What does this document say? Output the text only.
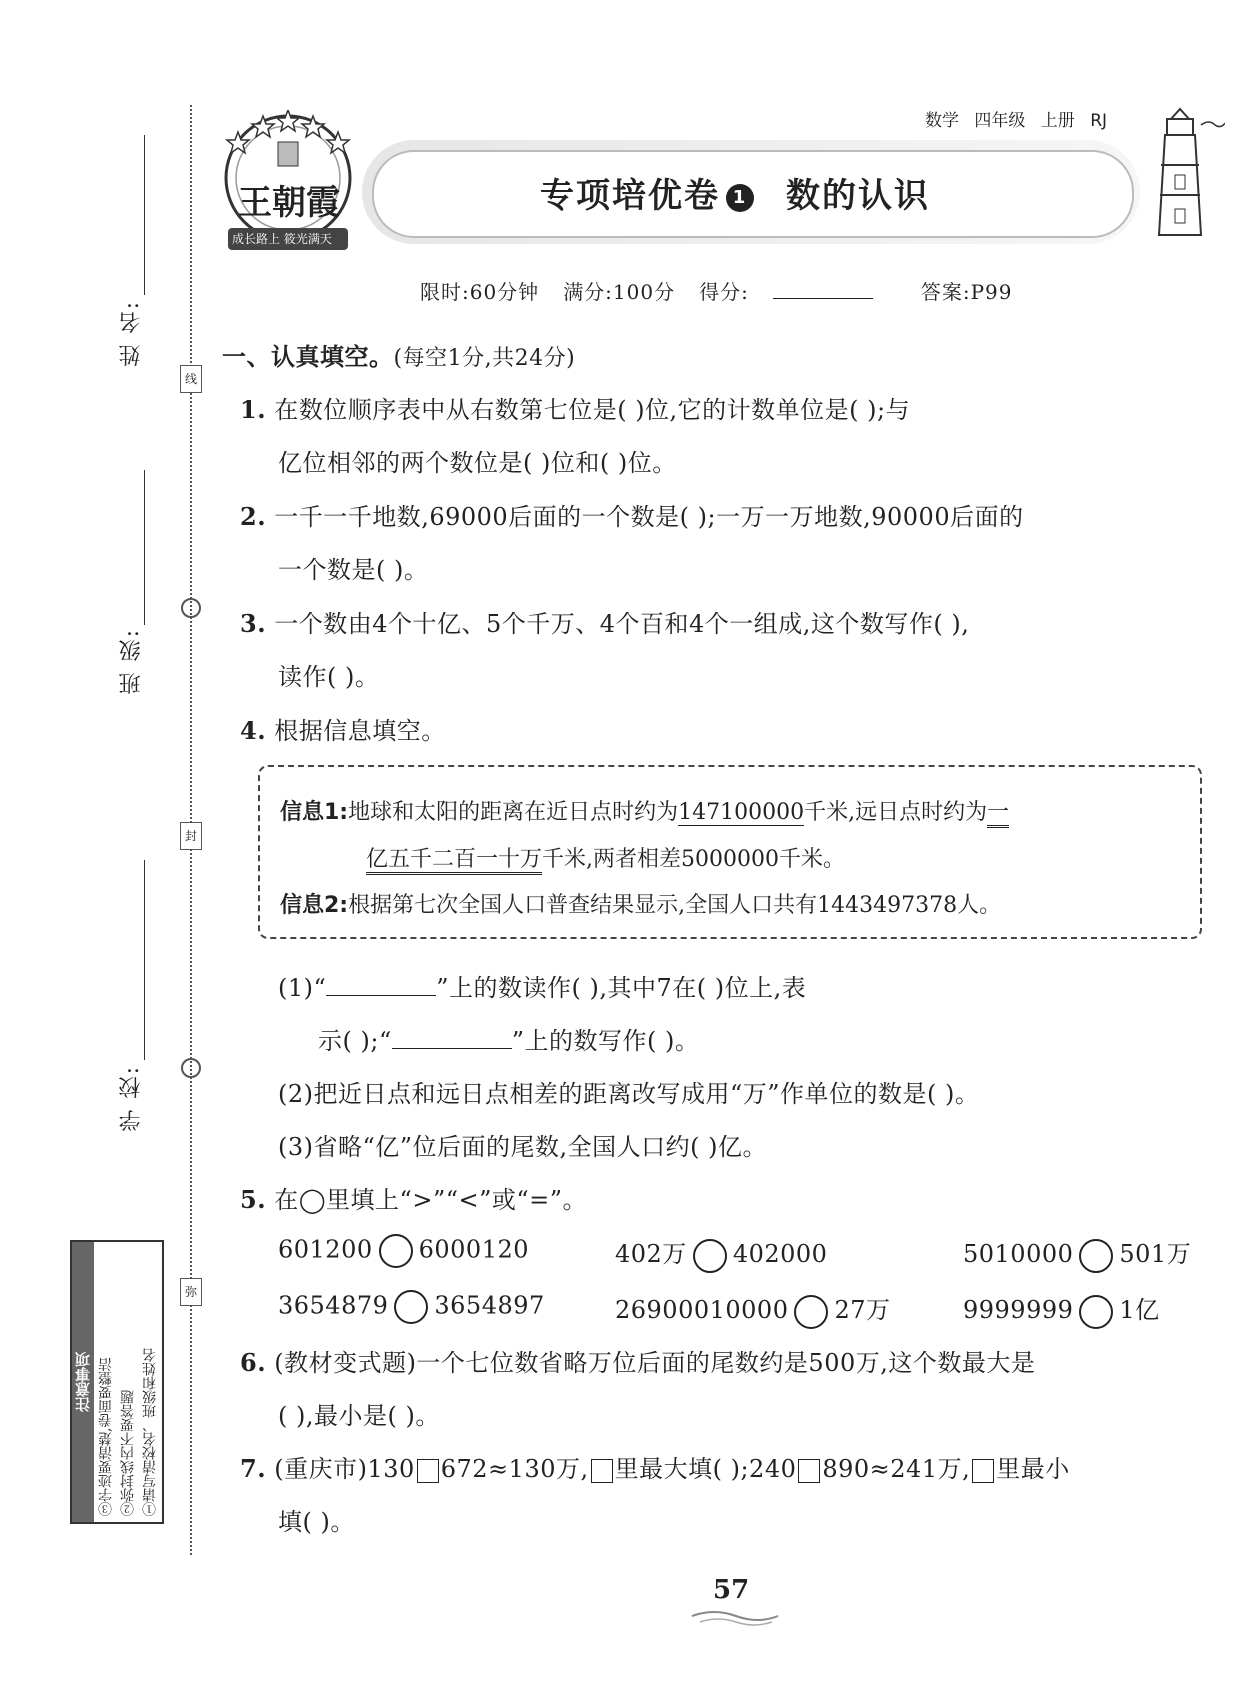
姓 名:
班 级:
学 校:
线
封
弥
注意事项	①请写清校名、班级和姓名
②弥封线内不要答题
③字迹要清楚,卷面要整洁
王朝霞
成长路上 筱光满天
专项培优卷 1 数的认识
数学 四年级 上册 RJ
限时:60分钟 满分:100分 得分:	答案:P99
一、认真填空。(每空1分,共24分)
1. 在数位顺序表中从右数第七位是( )位,它的计数单位是( );与
亿位相邻的两个数位是( )位和( )位。
2. 一千一千地数,69000后面的一个数是( );一万一万地数,90000后面的
一个数是( )。
3. 一个数由4个十亿、5个千万、4个百和4个一组成,这个数写作( ),
读作( )。
4. 根据信息填空。
信息1:地球和太阳的距离在近日点时约为147100000千米,远日点时约为一
亿五千二百一十万千米,两者相差5000000千米。
信息2:根据第七次全国人口普查结果显示,全国人口共有1443497378人。
(1)“	”上的数读作( ),其中7在( )位上,表
示( );“	”上的数写作( )。
(2)把近日点和远日点相差的距离改写成用“万”作单位的数是( )。
(3)省略“亿”位后面的尾数,全国人口约( )亿。
5. 在◯里填上“>”“<”或“=”。
601200 6000120	402万 402000	5010000 501万
3654879 3654897	26900010000 27万	9999999 1亿
6. (教材变式题)一个七位数省略万位后面的尾数约是500万,这个数最大是
( ),最小是( )。
7. (重庆市)130 672≈130万, 里最大填( );240 890≈241万, 里最小
填( )。
57
